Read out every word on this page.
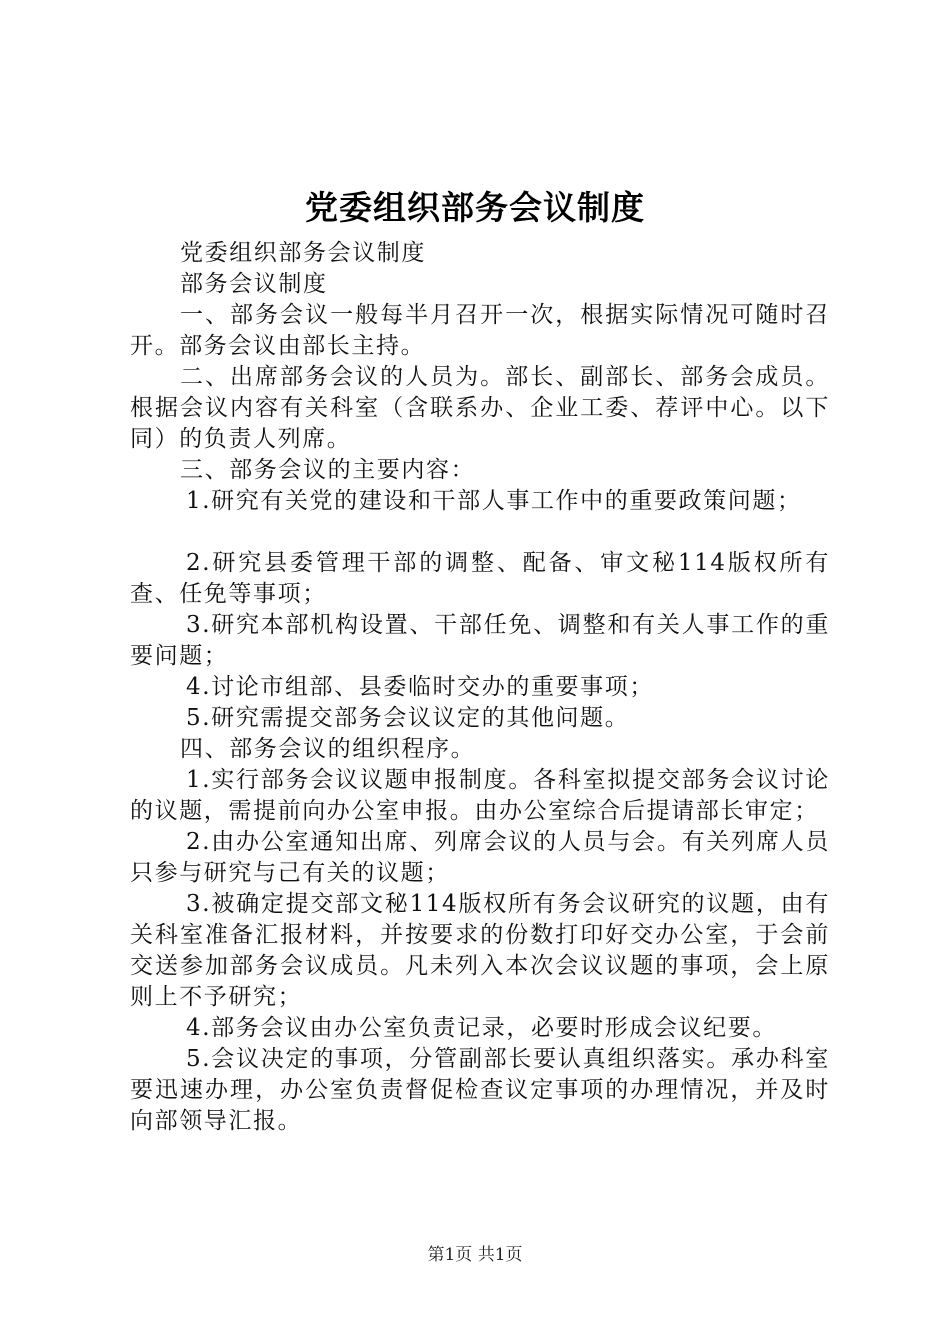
党委组织部务会议制度

党委组织部务会议制度

部务会议制度

一、部务会议一般每半月召开一次，根据实际情况可随时召开。部务会议由部长主持。

二、出席部务会议的人员为。部长、副部长、部务会成员。根据会议内容有关科室（含联系办、企业工委、荐评中心。以下同）的负责人列席。

三、部务会议的主要内容：

1.研究有关党的建设和干部人事工作中的重要政策问题；

2.研究县委管理干部的调整、配备、审文秘114版权所有查、任免等事项；

3.研究本部机构设置、干部任免、调整和有关人事工作的重要问题；

4.讨论市组部、县委临时交办的重要事项；

5.研究需提交部务会议议定的其他问题。

四、部务会议的组织程序。

1.实行部务会议议题申报制度。各科室拟提交部务会议讨论的议题，需提前向办公室申报。由办公室综合后提请部长审定；

2.由办公室通知出席、列席会议的人员与会。有关列席人员只参与研究与己有关的议题；

3.被确定提交部文秘114版权所有务会议研究的议题，由有关科室准备汇报材料，并按要求的份数打印好交办公室，于会前交送参加部务会议成员。凡未列入本次会议议题的事项，会上原则上不予研究；

4.部务会议由办公室负责记录，必要时形成会议纪要。

5.会议决定的事项，分管副部长要认真组织落实。承办科室要迅速办理，办公室负责督促检查议定事项的办理情况，并及时向部领导汇报。

第1页 共1页
